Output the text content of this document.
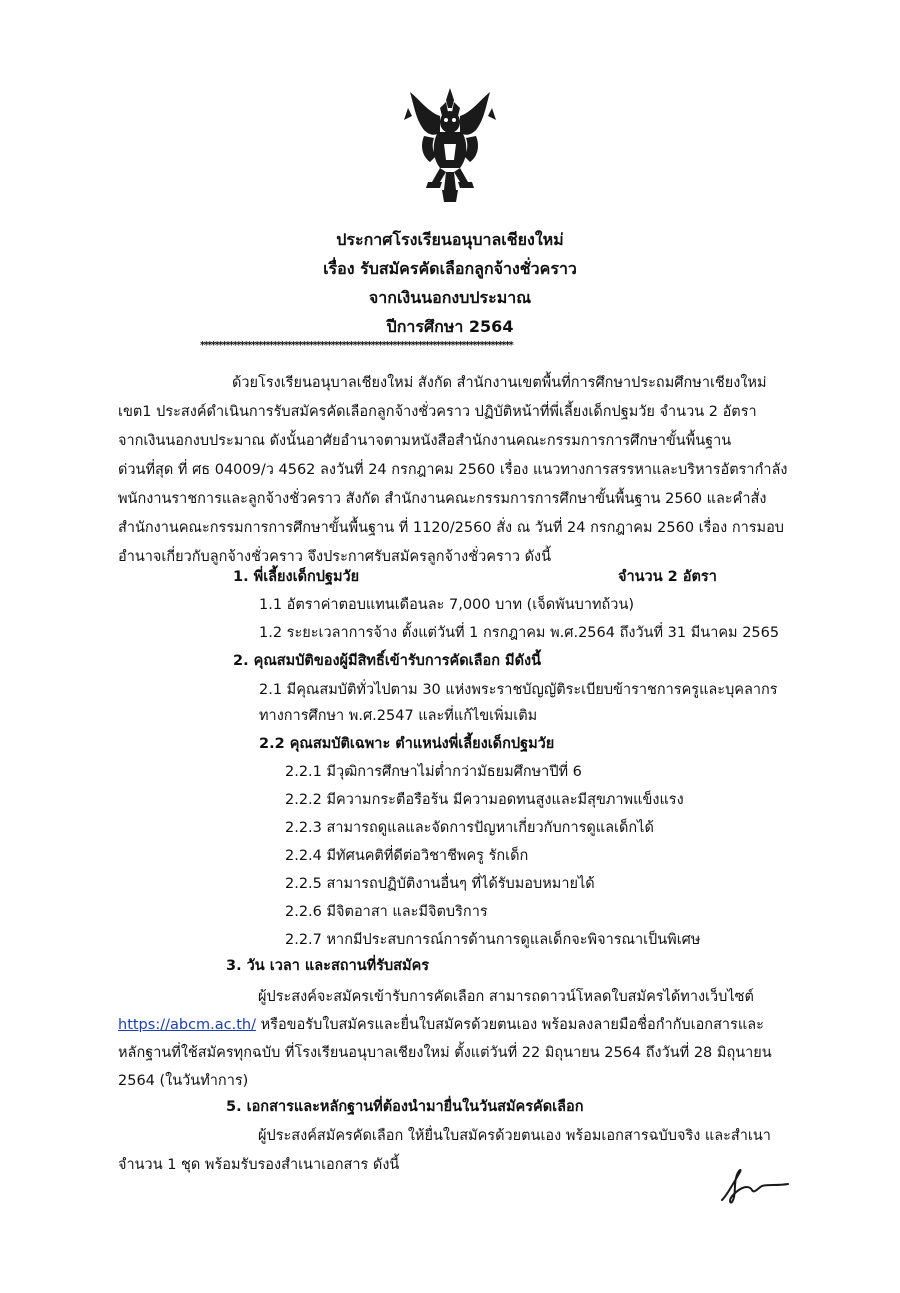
ประกาศโรงเรียนอนุบาลเชียงใหม่
เรื่อง รับสมัครคัดเลือกลูกจ้างชั่วคราว
จากเงินนอกงบประมาณ
ปีการศึกษา 2564
**************************************************************************************
ด้วยโรงเรียนอนุบาลเชียงใหม่ สังกัด สำนักงานเขตพื้นที่การศึกษาประถมศึกษาเชียงใหม่
เขต1 ประสงค์ดำเนินการรับสมัครคัดเลือกลูกจ้างชั่วคราว ปฏิบัติหน้าที่พี่เลี้ยงเด็กปฐมวัย จำนวน 2 อัตรา
จากเงินนอกงบประมาณ ดังนั้นอาศัยอำนาจตามหนังสือสำนักงานคณะกรรมการการศึกษาขั้นพื้นฐาน
ด่วนที่สุด ที่ ศธ 04009/ว 4562 ลงวันที่ 24 กรกฎาคม 2560 เรื่อง แนวทางการสรรหาและบริหารอัตรากำลัง
พนักงานราชการและลูกจ้างชั่วคราว สังกัด สำนักงานคณะกรรมการการศึกษาขั้นพื้นฐาน 2560 และคำสั่ง
สำนักงานคณะกรรมการการศึกษาขั้นพื้นฐาน ที่ 1120/2560 สั่ง ณ วันที่ 24 กรกฎาคม 2560 เรื่อง การมอบ
อำนาจเกี่ยวกับลูกจ้างชั่วคราว จึงประกาศรับสมัครลูกจ้างชั่วคราว ดังนี้
1. พี่เลี้ยงเด็กปฐมวัย	จำนวน 2 อัตรา
1.1 อัตราค่าตอบแทนเดือนละ 7,000 บาท (เจ็ดพันบาทถ้วน)
1.2 ระยะเวลาการจ้าง ตั้งแต่วันที่ 1 กรกฎาคม พ.ศ.2564 ถึงวันที่ 31 มีนาคม 2565
2. คุณสมบัติของผู้มีสิทธิ์เข้ารับการคัดเลือก มีดังนี้
2.1 มีคุณสมบัติทั่วไปตาม 30 แห่งพระราชบัญญัติระเบียบข้าราชการครูและบุคลากร
ทางการศึกษา พ.ศ.2547 และที่แก้ไขเพิ่มเติม
2.2 คุณสมบัติเฉพาะ ตำแหน่งพี่เลี้ยงเด็กปฐมวัย
2.2.1 มีวุฒิการศึกษาไม่ต่ำกว่ามัธยมศึกษาปีที่ 6
2.2.2 มีความกระตือรือร้น มีความอดทนสูงและมีสุขภาพแข็งแรง
2.2.3 สามารถดูแลและจัดการปัญหาเกี่ยวกับการดูแลเด็กได้
2.2.4 มีทัศนคติที่ดีต่อวิชาชีพครู รักเด็ก
2.2.5 สามารถปฏิบัติงานอื่นๆ ที่ได้รับมอบหมายได้
2.2.6 มีจิตอาสา และมีจิตบริการ
2.2.7 หากมีประสบการณ์การด้านการดูแลเด็กจะพิจารณาเป็นพิเศษ
3. วัน เวลา และสถานที่รับสมัคร
ผู้ประสงค์จะสมัครเข้ารับการคัดเลือก สามารถดาวน์โหลดใบสมัครได้ทางเว็บไซต์
https://abcm.ac.th/ หรือขอรับใบสมัครและยื่นใบสมัครด้วยตนเอง พร้อมลงลายมือชื่อกำกับเอกสารและ
หลักฐานที่ใช้สมัครทุกฉบับ ที่โรงเรียนอนุบาลเชียงใหม่ ตั้งแต่วันที่ 22 มิถุนายน 2564 ถึงวันที่ 28 มิถุนายน
2564 (ในวันทำการ)
5. เอกสารและหลักฐานที่ต้องนำมายื่นในวันสมัครคัดเลือก
ผู้ประสงค์สมัครคัดเลือก ให้ยื่นใบสมัครด้วยตนเอง พร้อมเอกสารฉบับจริง และสำเนา
จำนวน 1 ชุด พร้อมรับรองสำเนาเอกสาร ดังนี้
